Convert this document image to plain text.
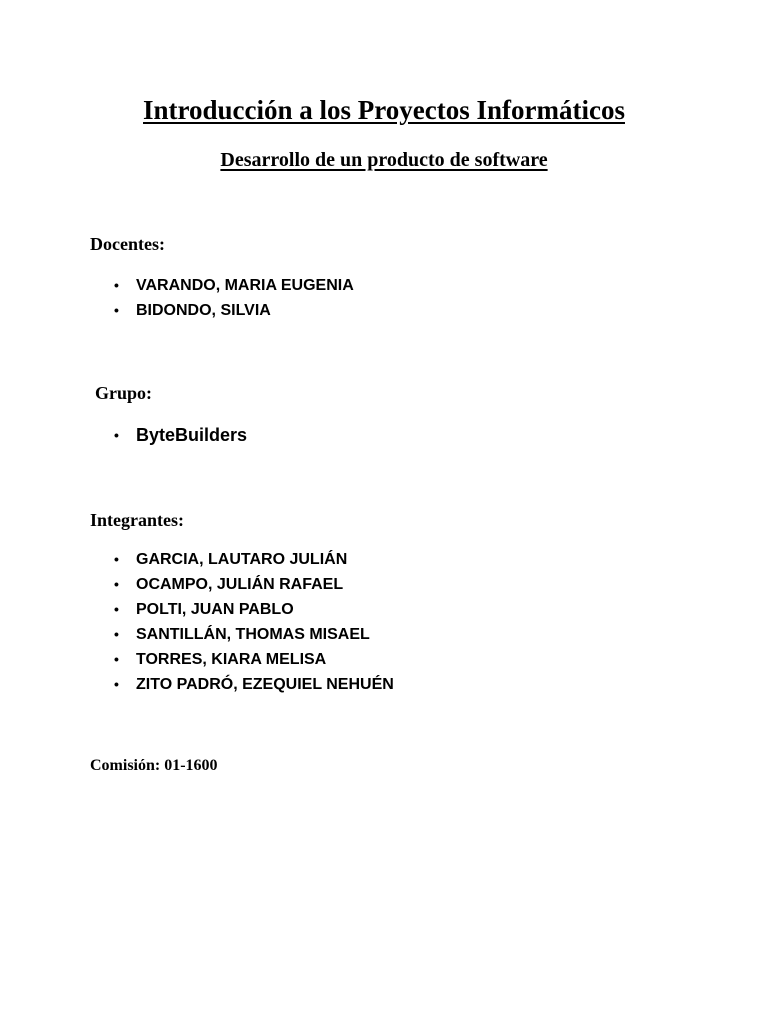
Introducción a los Proyectos Informáticos
Desarrollo de un producto de software
Docentes:
• VARANDO, MARIA EUGENIA
• BIDONDO, SILVIA
Grupo:
• ByteBuilders
Integrantes:
• GARCIA, LAUTARO JULIÁN
• OCAMPO, JULIÁN RAFAEL
• POLTI, JUAN PABLO
• SANTILLÁN, THOMAS MISAEL
• TORRES, KIARA MELISA
• ZITO PADRÓ, EZEQUIEL NEHUÉN

Comisión: 01-1600
